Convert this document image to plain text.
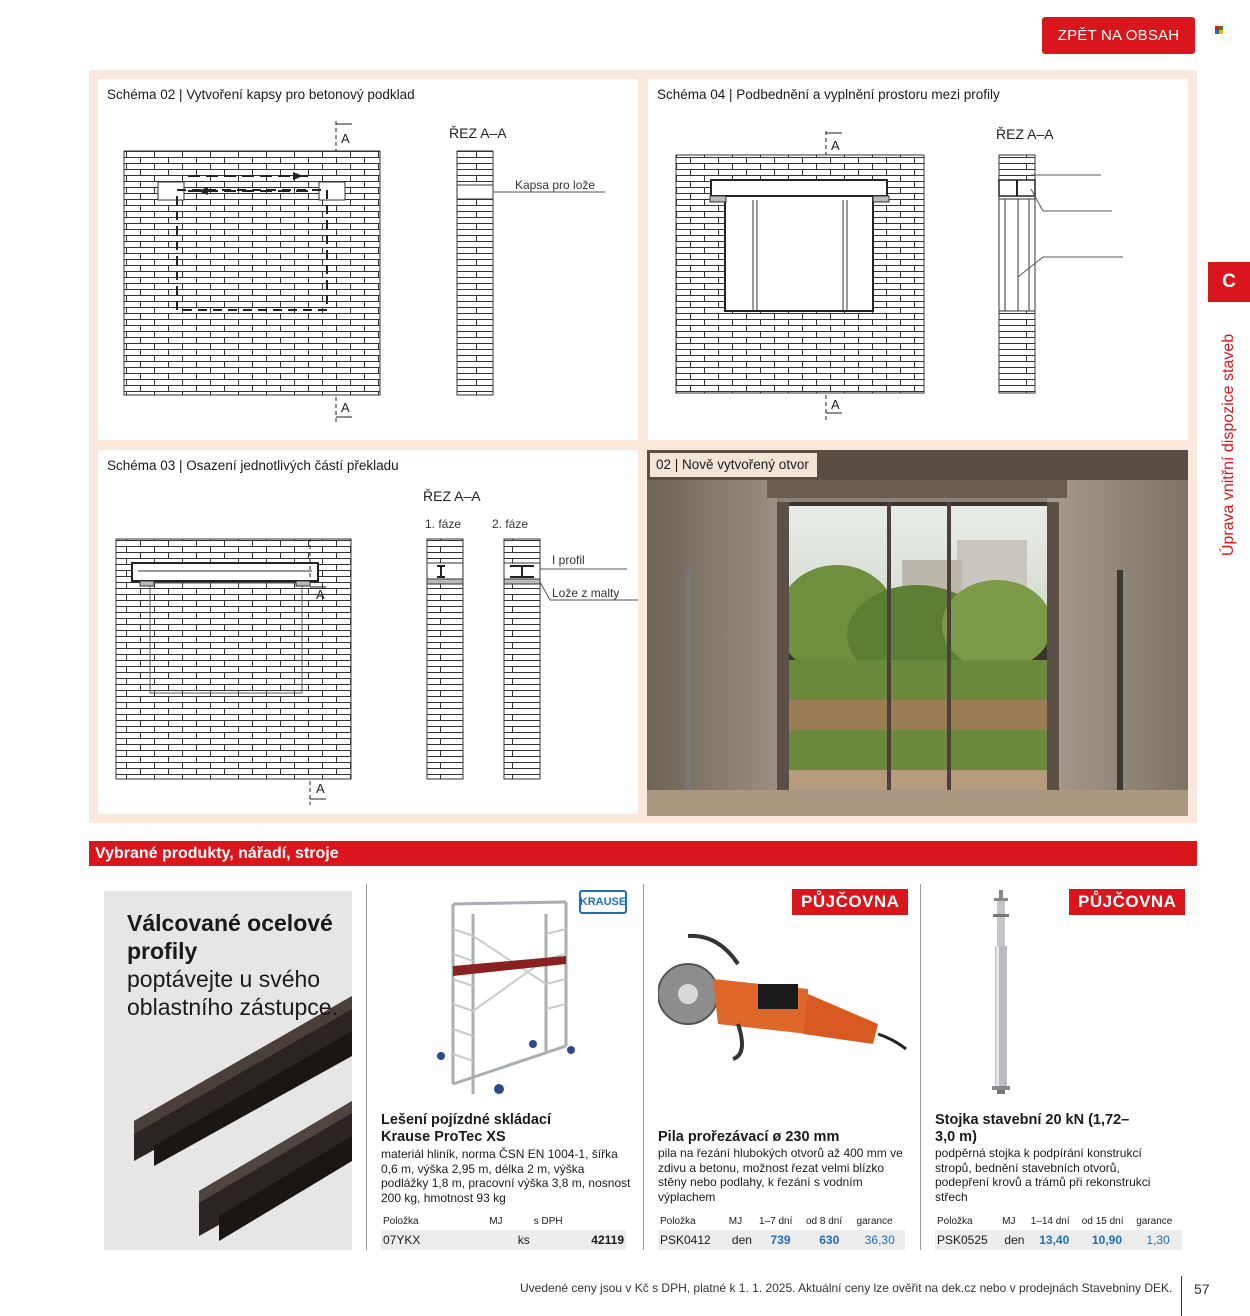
ZPĚT NA OBSAH
C
Úprava vnitřní dispozice staveb
Schéma 02 | Vytvoření kapsy pro betonový podklad
A
A
ŘEZ A–A
Kapsa pro lože
Schéma 04 | Podbednění a vyplnění prostoru mezi profily
A
A
ŘEZ A–A
Schéma 03 | Osazení jednotlivých částí překladu
A
A
ŘEZ A–A
1. fáze	2. fáze
I profil
Lože z malty
02 | Nově vytvořený otvor
Vybrané produkty, nářadí, stroje
Válcované ocelové profily
poptávejte u svého oblastního zástupce.
KRAUSE
Lešení pojízdné skládací Krause ProTec XS
materiál hliník, norma ČSN EN 1004-1, šířka 0,6 m, výška 2,95 m, délka 2 m, výška podlážky 1,8 m, pracovní výška 3,8 m, nosnost 200 kg, hmotnost 93 kg
Položka	MJ	s DPH
07YKX	ks	42119
PŮJČOVNA
Pila prořezávací ø 230 mm
pila na řezání hlubokých otvorů až 400 mm ve zdivu a betonu, možnost řezat velmi blízko stěny nebo podlahy, k řezání s vodním výplachem
Položka	MJ	1–7 dní	od 8 dní	garance
PSK0412	den	739	630	36,30
PŮJČOVNA
Stojka stavební 20 kN (1,72–3,0 m)
podpěrná stojka k podpírání konstrukcí stropů, bednění stavebních otvorů, podepření krovů a trámů při rekonstrukci střech
Položka	MJ	1–14 dní	od 15 dní	garance
PSK0525	den	13,40	10,90	1,30
Uvedené ceny jsou v Kč s DPH, platné k 1. 1. 2025. Aktuální ceny lze ověřit na dek.cz nebo v prodejnách Stavebniny DEK. 57
